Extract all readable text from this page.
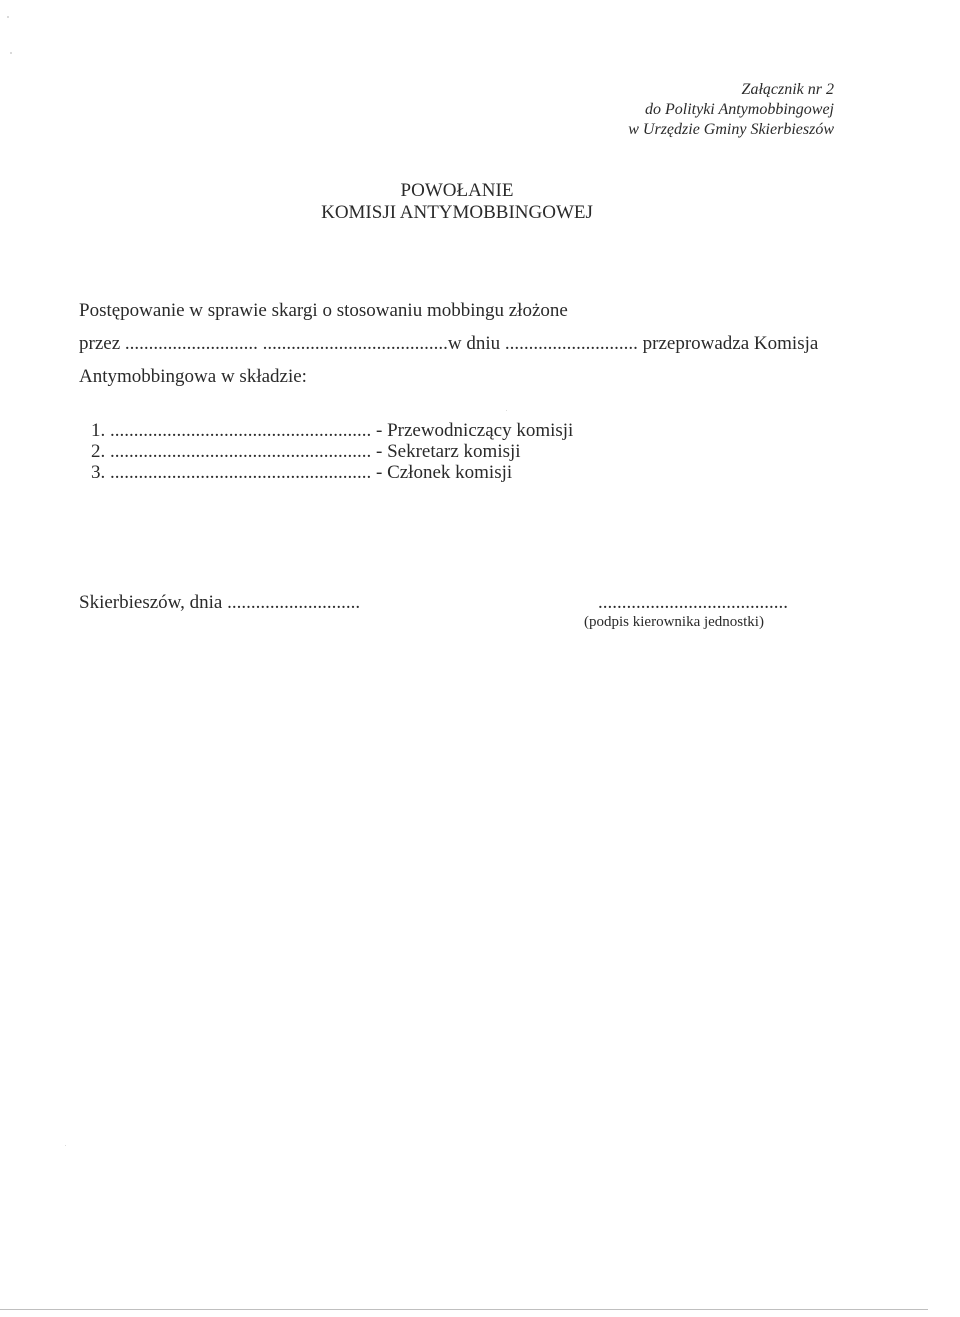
Załącznik nr 2
do Polityki Antymobbingowej
w Urzędzie Gminy Skierbieszów
POWOŁANIE
KOMISJI ANTYMOBBINGOWEJ
Postępowanie w sprawie skargi o stosowaniu mobbingu złożone
przez ............................ .......................................w dniu ............................ przeprowadza Komisja
Antymobbingowa w składzie:
1. ....................................................... - Przewodniczący komisji
2. ....................................................... - Sekretarz komisji
3. ....................................................... - Członek komisji
Skierbieszów, dnia ............................	........................................
(podpis kierownika jednostki)
